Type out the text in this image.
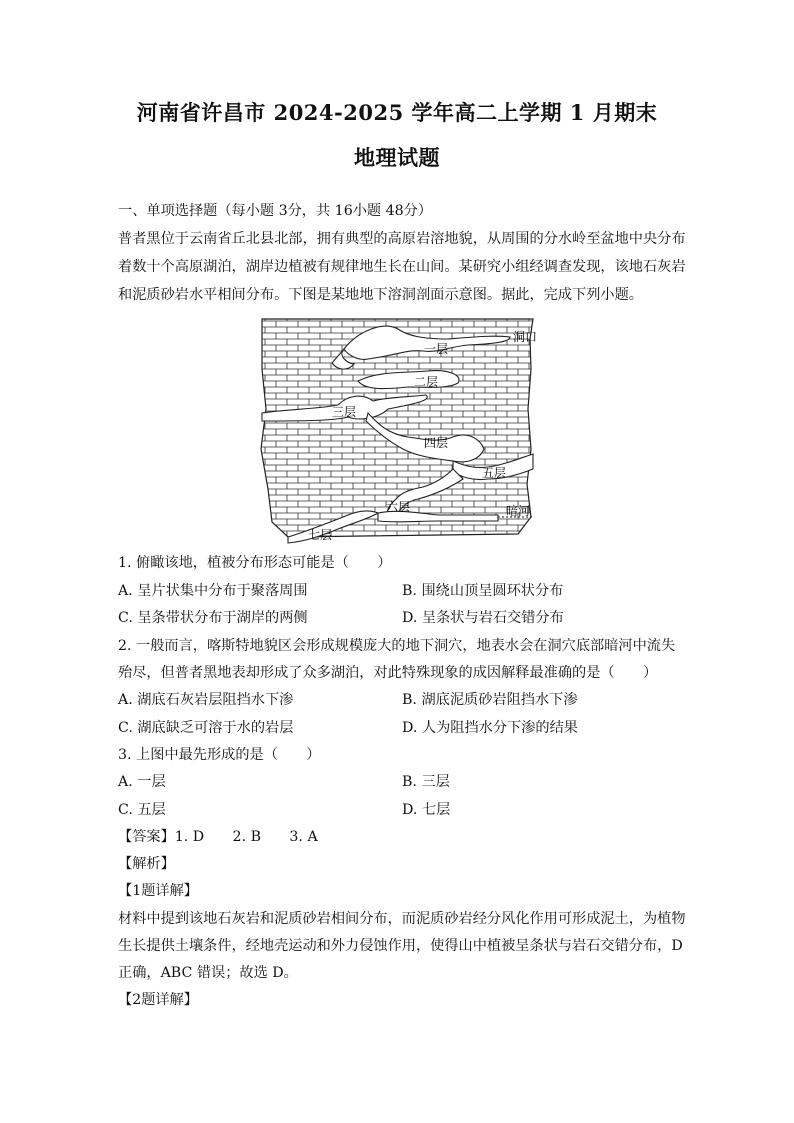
河南省许昌市 2024-2025 学年高二上学期 1 月期末
地理试题
一、单项选择题（每小题 3分，共 16小题 48分）
普者黑位于云南省丘北县北部，拥有典型的高原岩溶地貌，从周围的分水岭至盆地中央分布
着数十个高原湖泊，湖岸边植被有规律地生长在山间。某研究小组经调查发现，该地石灰岩
和泥质砂岩水平相间分布。下图是某地地下溶洞剖面示意图。据此，完成下列小题。
洞口
一层
二层
三层
四层
五层
六层	暗河
七层
1. 俯瞰该地，植被分布形态可能是（　　）
A. 呈片状集中分布于聚落周围	B. 围绕山顶呈圆环状分布
C. 呈条带状分布于湖岸的两侧	D. 呈条状与岩石交错分布
2. 一般而言，喀斯特地貌区会形成规模庞大的地下洞穴，地表水会在洞穴底部暗河中流失
殆尽，但普者黑地表却形成了众多湖泊，对此特殊现象的成因解释最准确的是（　　）
A. 湖底石灰岩层阻挡水下渗	B. 湖底泥质砂岩阻挡水下渗
C. 湖底缺乏可溶于水的岩层	D. 人为阻挡水分下渗的结果
3. 上图中最先形成的是（　　）
A. 一层	B. 三层
C. 五层	D. 七层
【答案】1. D　　2. B　　3. A
【解析】
【1题详解】
材料中提到该地石灰岩和泥质砂岩相间分布，而泥质砂岩经分风化作用可形成泥土，为植物
生长提供土壤条件，经地壳运动和外力侵蚀作用，使得山中植被呈条状与岩石交错分布，D
正确，ABC 错误；故选 D。
【2题详解】
